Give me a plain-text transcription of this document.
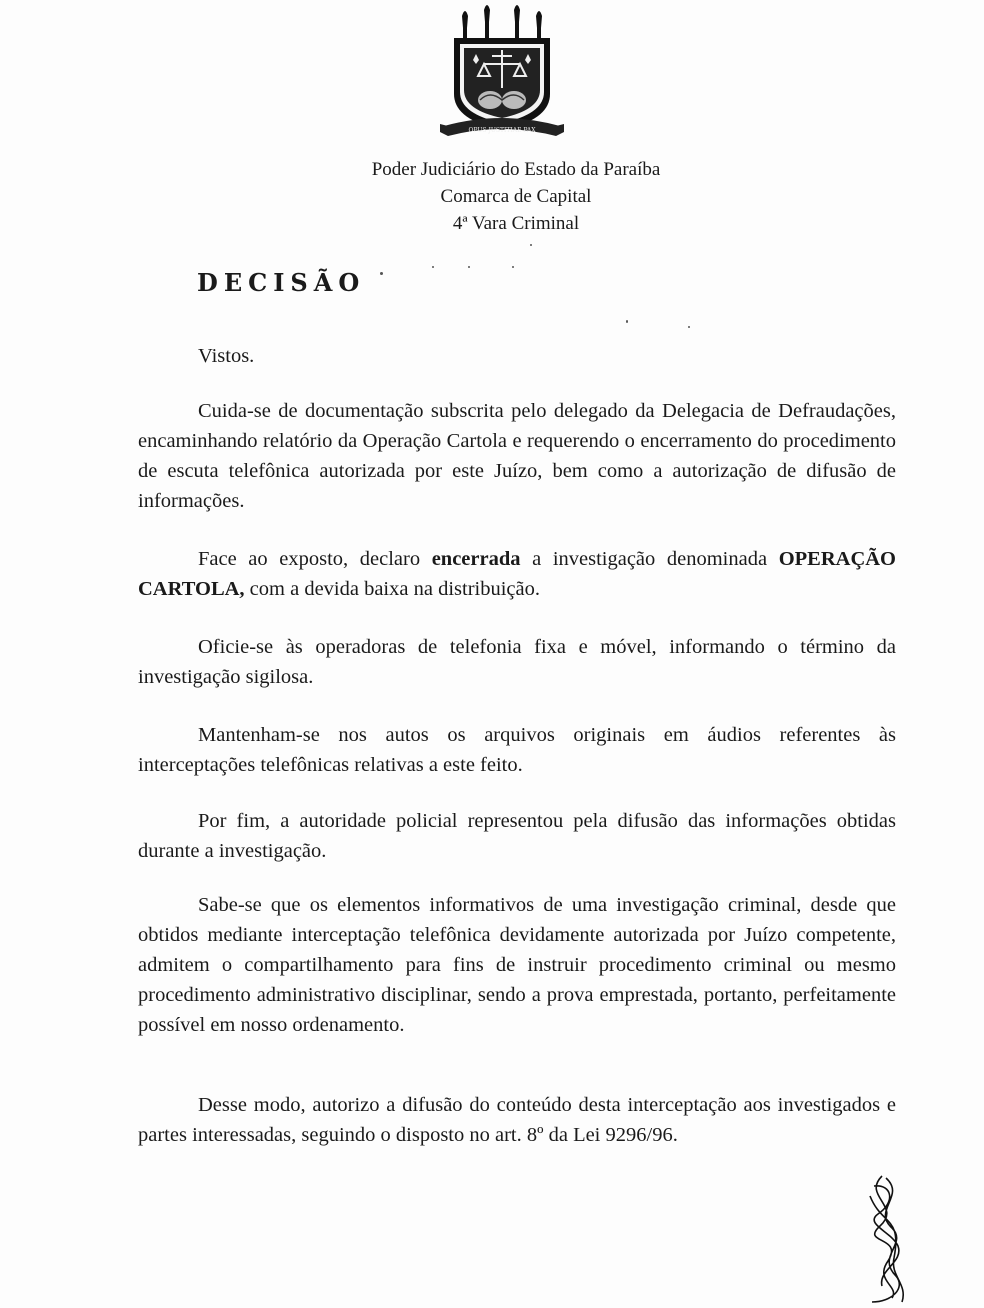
OPUS JUSTITIAE PAX
Poder Judiciário do Estado da Paraíba
Comarca de Capital
4ª Vara Criminal
DECISÃO

Vistos.

Cuida-se de documentação subscrita pelo delegado da Delegacia de Defraudações, encaminhando relatório da Operação Cartola e requerendo o encerramento do procedimento de escuta telefônica autorizada por este Juízo, bem como a autorização de difusão de informações.

Face ao exposto, declaro encerrada a investigação denominada OPERAÇÃO CARTOLA, com a devida baixa na distribuição.

Oficie-se às operadoras de telefonia fixa e móvel, informando o término da investigação sigilosa.

Mantenham-se nos autos os arquivos originais em áudios referentes às interceptações telefônicas relativas a este feito.

Por fim, a autoridade policial representou pela difusão das informações obtidas durante a investigação.

Sabe-se que os elementos informativos de uma investigação criminal, desde que obtidos mediante interceptação telefônica devidamente autorizada por Juízo competente, admitem o compartilhamento para fins de instruir procedimento criminal ou mesmo procedimento administrativo disciplinar, sendo a prova emprestada, portanto, perfeitamente possível em nosso ordenamento.

Desse modo, autorizo a difusão do conteúdo desta interceptação aos investigados e partes interessadas, seguindo o disposto no art. 8º da Lei 9296/96.
